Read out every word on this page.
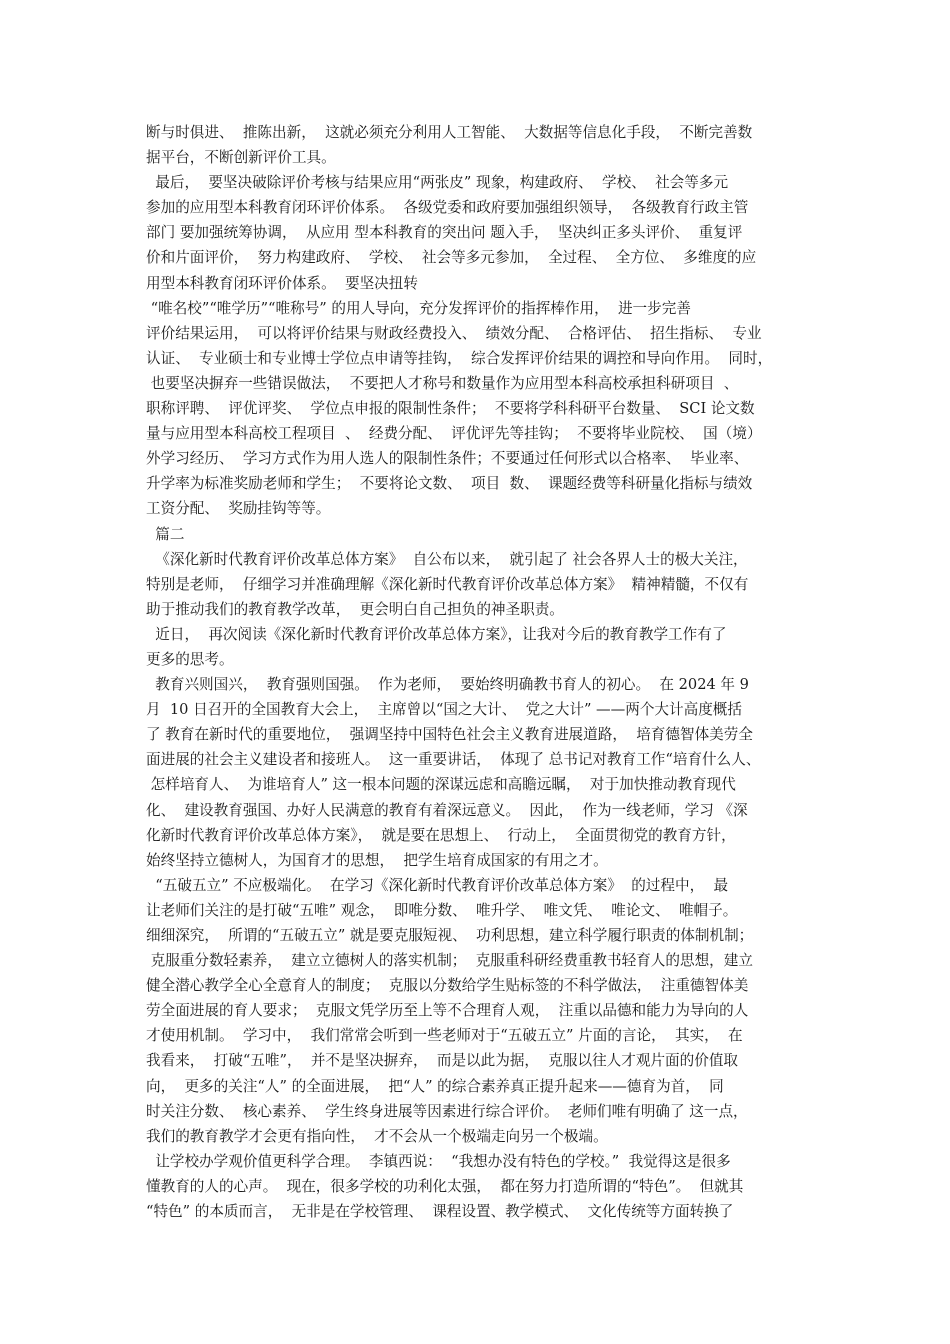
断与时俱进、  推陈出新，  这就必须充分利用人工智能、  大数据等信息化手段，  不断完善数
据平台，不断创新评价工具。
最后，  要坚决破除评价考核与结果应用“两张皮” 现象，构建政府、  学校、  社会等多元
参加的应用型本科教育闭环评价体系。  各级党委和政府要加强组织领导，  各级教育行政主管
部门 要加强统筹协调，  从应用 型本科教育的突出问 题入手，  坚决纠正多头评价、  重复评
价和片面评价，  努力构建政府、  学校、  社会等多元参加，  全过程、  全方位、  多维度的应
用型本科教育闭环评价体系。  要坚决扭转
“唯名校”“唯学历”“唯称号” 的用人导向，充分发挥评价的指挥棒作用，  进一步完善
评价结果运用，  可以将评价结果与财政经费投入、  绩效分配、  合格评估、  招生指标、  专业
认证、  专业硕士和专业博士学位点申请等挂钩，  综合发挥评价结果的调控和导向作用。  同时，
也要坚决摒弃一些错误做法，  不要把人才称号和数量作为应用型本科高校承担科研项目  、
职称评聘、  评优评奖、  学位点申报的限制性条件；  不要将学科科研平台数量、  SCI 论文数
量与应用型本科高校工程项目  、  经费分配、  评优评先等挂钩；  不要将毕业院校、  国（境）
外学习经历、  学习方式作为用人选人的限制性条件；不要通过任何形式以合格率、  毕业率、
升学率为标准奖励老师和学生；  不要将论文数、  项目  数、  课题经费等科研量化指标与绩效
工资分配、  奖励挂钩等等。
篇二
《深化新时代教育评价改革总体方案》  自公布以来，  就引起了 社会各界人士的极大关注，
特别是老师，  仔细学习并准确理解《深化新时代教育评价改革总体方案》  精神精髓，不仅有
助于推动我们的教育教学改革，  更会明白自己担负的神圣职责。
近日，  再次阅读《深化新时代教育评价改革总体方案》，让我对今后的教育教学工作有了
更多的思考。
教育兴则国兴，  教育强则国强。  作为老师，  要始终明确教书育人的初心。  在 2024 年 9
月  10 日召开的全国教育大会上，  主席曾以“国之大计、  党之大计” ——两个大计高度概括
了 教育在新时代的重要地位，  强调坚持中国特色社会主义教育进展道路，  培育德智体美劳全
面进展的社会主义建设者和接班人。  这一重要讲话，  体现了 总书记对教育工作“培育什么人、
怎样培育人、  为谁培育人” 这一根本问题的深谋远虑和高瞻远瞩，  对于加快推动教育现代
化、  建设教育强国、办好人民满意的教育有着深远意义。  因此，  作为一线老师，学习 《深
化新时代教育评价改革总体方案》，  就是要在思想上、  行动上，  全面贯彻党的教育方针，
始终坚持立德树人，为国育才的思想，  把学生培育成国家的有用之才。
“五破五立” 不应极端化。  在学习《深化新时代教育评价改革总体方案》  的过程中，  最
让老师们关注的是打破“五唯” 观念，  即唯分数、  唯升学、  唯文凭、  唯论文、  唯帽子。
细细深究，  所谓的“五破五立” 就是要克服短视、  功利思想，建立科学履行职责的体制机制；
克服重分数轻素养，  建立立德树人的落实机制；  克服重科研经费重教书轻育人的思想，建立
健全潜心教学全心全意育人的制度；  克服以分数给学生贴标签的不科学做法，  注重德智体美
劳全面进展的育人要求；  克服文凭学历至上等不合理育人观，  注重以品德和能力为导向的人
才使用机制。  学习中，  我们常常会听到一些老师对于“五破五立” 片面的言论，  其实，  在
我看来，  打破“五唯”，  并不是坚决摒弃，  而是以此为据，  克服以往人才观片面的价值取
向，  更多的关注“人” 的全面进展，  把“人” 的综合素养真正提升起来——德育为首，  同
时关注分数、  核心素养、  学生终身进展等因素进行综合评价。  老师们唯有明确了 这一点，
我们的教育教学才会更有指向性，  才不会从一个极端走向另一个极端。
让学校办学观价值更科学合理。  李镇西说：  “我想办没有特色的学校。”  我觉得这是很多
懂教育的人的心声。  现在，很多学校的功利化太强，  都在努力打造所谓的“特色”。  但就其
“特色” 的本质而言，  无非是在学校管理、  课程设置、教学模式、  文化传统等方面转换了
